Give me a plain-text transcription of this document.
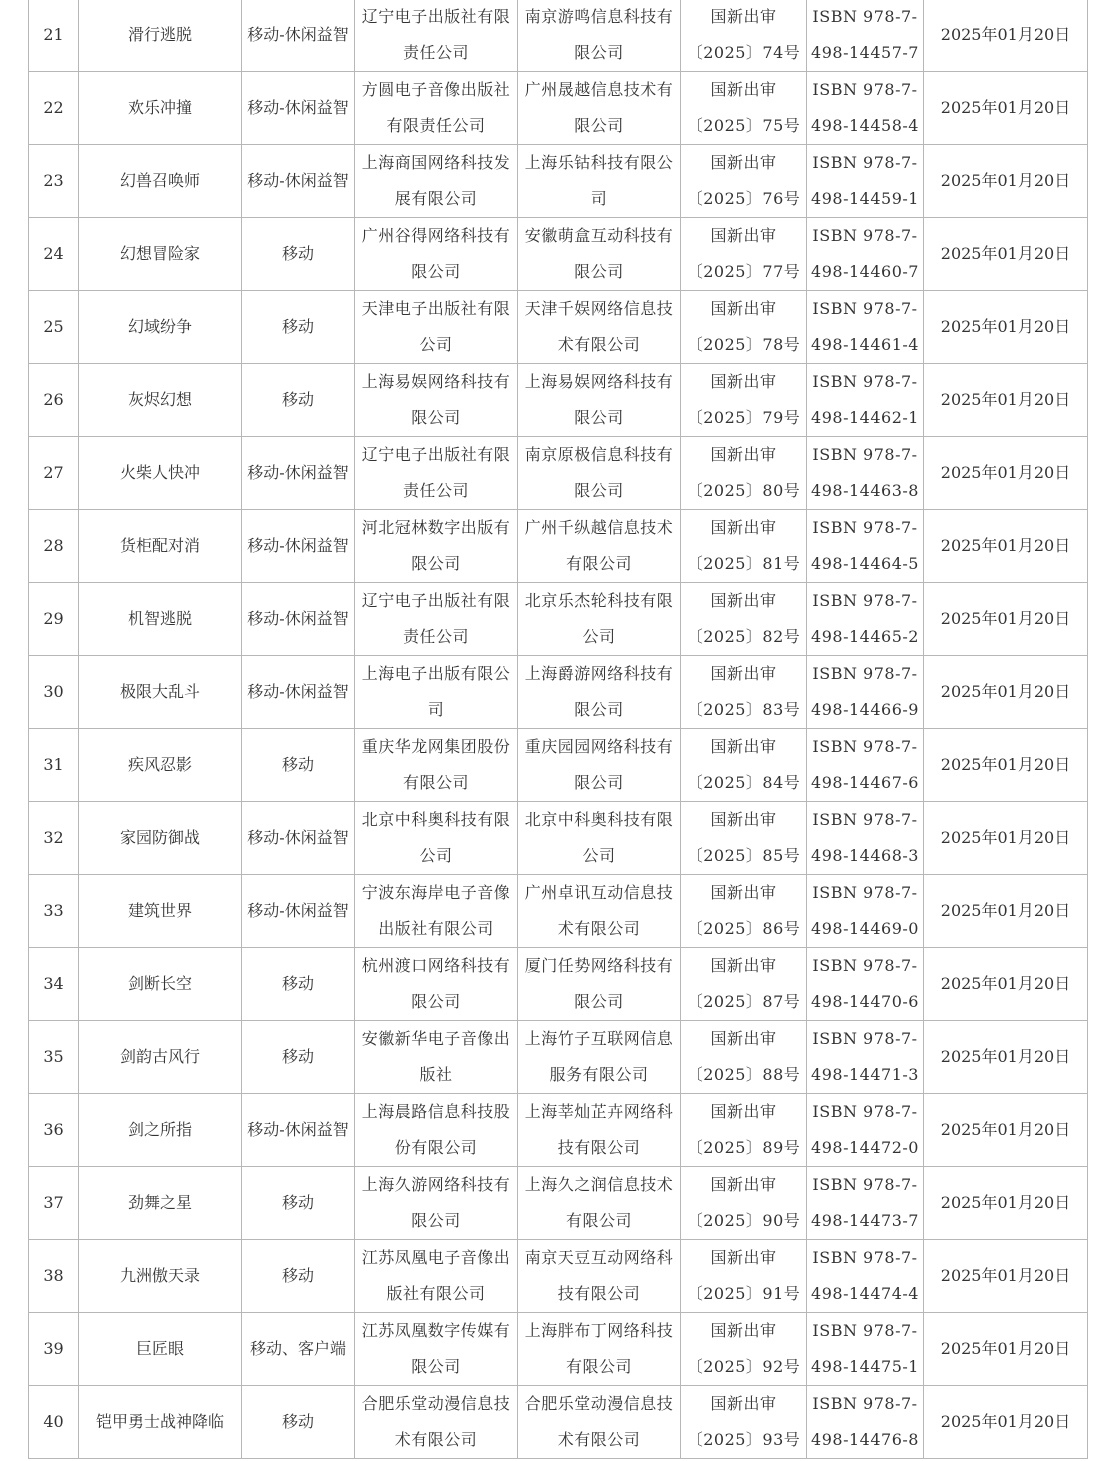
21	滑行逃脱	移动-休闲益智	辽宁电子出版社有限
责任公司	南京游鸣信息科技有
限公司	国新出审
〔2025〕74号	ISBN 978-7-
498-14457-7	2025年01月20日
22	欢乐冲撞	移动-休闲益智	方圆电子音像出版社
有限责任公司	广州晟越信息技术有
限公司	国新出审
〔2025〕75号	ISBN 978-7-
498-14458-4	2025年01月20日
23	幻兽召唤师	移动-休闲益智	上海商国网络科技发
展有限公司	上海乐钴科技有限公
司	国新出审
〔2025〕76号	ISBN 978-7-
498-14459-1	2025年01月20日
24	幻想冒险家	移动	广州谷得网络科技有
限公司	安徽萌盒互动科技有
限公司	国新出审
〔2025〕77号	ISBN 978-7-
498-14460-7	2025年01月20日
25	幻域纷争	移动	天津电子出版社有限
公司	天津千娱网络信息技
术有限公司	国新出审
〔2025〕78号	ISBN 978-7-
498-14461-4	2025年01月20日
26	灰烬幻想	移动	上海易娱网络科技有
限公司	上海易娱网络科技有
限公司	国新出审
〔2025〕79号	ISBN 978-7-
498-14462-1	2025年01月20日
27	火柴人快冲	移动-休闲益智	辽宁电子出版社有限
责任公司	南京原极信息科技有
限公司	国新出审
〔2025〕80号	ISBN 978-7-
498-14463-8	2025年01月20日
28	货柜配对消	移动-休闲益智	河北冠林数字出版有
限公司	广州千纵越信息技术
有限公司	国新出审
〔2025〕81号	ISBN 978-7-
498-14464-5	2025年01月20日
29	机智逃脱	移动-休闲益智	辽宁电子出版社有限
责任公司	北京乐杰轮科技有限
公司	国新出审
〔2025〕82号	ISBN 978-7-
498-14465-2	2025年01月20日
30	极限大乱斗	移动-休闲益智	上海电子出版有限公
司	上海爵游网络科技有
限公司	国新出审
〔2025〕83号	ISBN 978-7-
498-14466-9	2025年01月20日
31	疾风忍影	移动	重庆华龙网集团股份
有限公司	重庆园园网络科技有
限公司	国新出审
〔2025〕84号	ISBN 978-7-
498-14467-6	2025年01月20日
32	家园防御战	移动-休闲益智	北京中科奥科技有限
公司	北京中科奥科技有限
公司	国新出审
〔2025〕85号	ISBN 978-7-
498-14468-3	2025年01月20日
33	建筑世界	移动-休闲益智	宁波东海岸电子音像
出版社有限公司	广州卓讯互动信息技
术有限公司	国新出审
〔2025〕86号	ISBN 978-7-
498-14469-0	2025年01月20日
34	剑断长空	移动	杭州渡口网络科技有
限公司	厦门任势网络科技有
限公司	国新出审
〔2025〕87号	ISBN 978-7-
498-14470-6	2025年01月20日
35	剑韵古风行	移动	安徽新华电子音像出
版社	上海竹子互联网信息
服务有限公司	国新出审
〔2025〕88号	ISBN 978-7-
498-14471-3	2025年01月20日
36	剑之所指	移动-休闲益智	上海晨路信息科技股
份有限公司	上海莘灿芷卉网络科
技有限公司	国新出审
〔2025〕89号	ISBN 978-7-
498-14472-0	2025年01月20日
37	劲舞之星	移动	上海久游网络科技有
限公司	上海久之润信息技术
有限公司	国新出审
〔2025〕90号	ISBN 978-7-
498-14473-7	2025年01月20日
38	九洲傲天录	移动	江苏凤凰电子音像出
版社有限公司	南京天豆互动网络科
技有限公司	国新出审
〔2025〕91号	ISBN 978-7-
498-14474-4	2025年01月20日
39	巨匠眼	移动、客户端	江苏凤凰数字传媒有
限公司	上海胖布丁网络科技
有限公司	国新出审
〔2025〕92号	ISBN 978-7-
498-14475-1	2025年01月20日
40	铠甲勇士战神降临	移动	合肥乐堂动漫信息技
术有限公司	合肥乐堂动漫信息技
术有限公司	国新出审
〔2025〕93号	ISBN 978-7-
498-14476-8	2025年01月20日
